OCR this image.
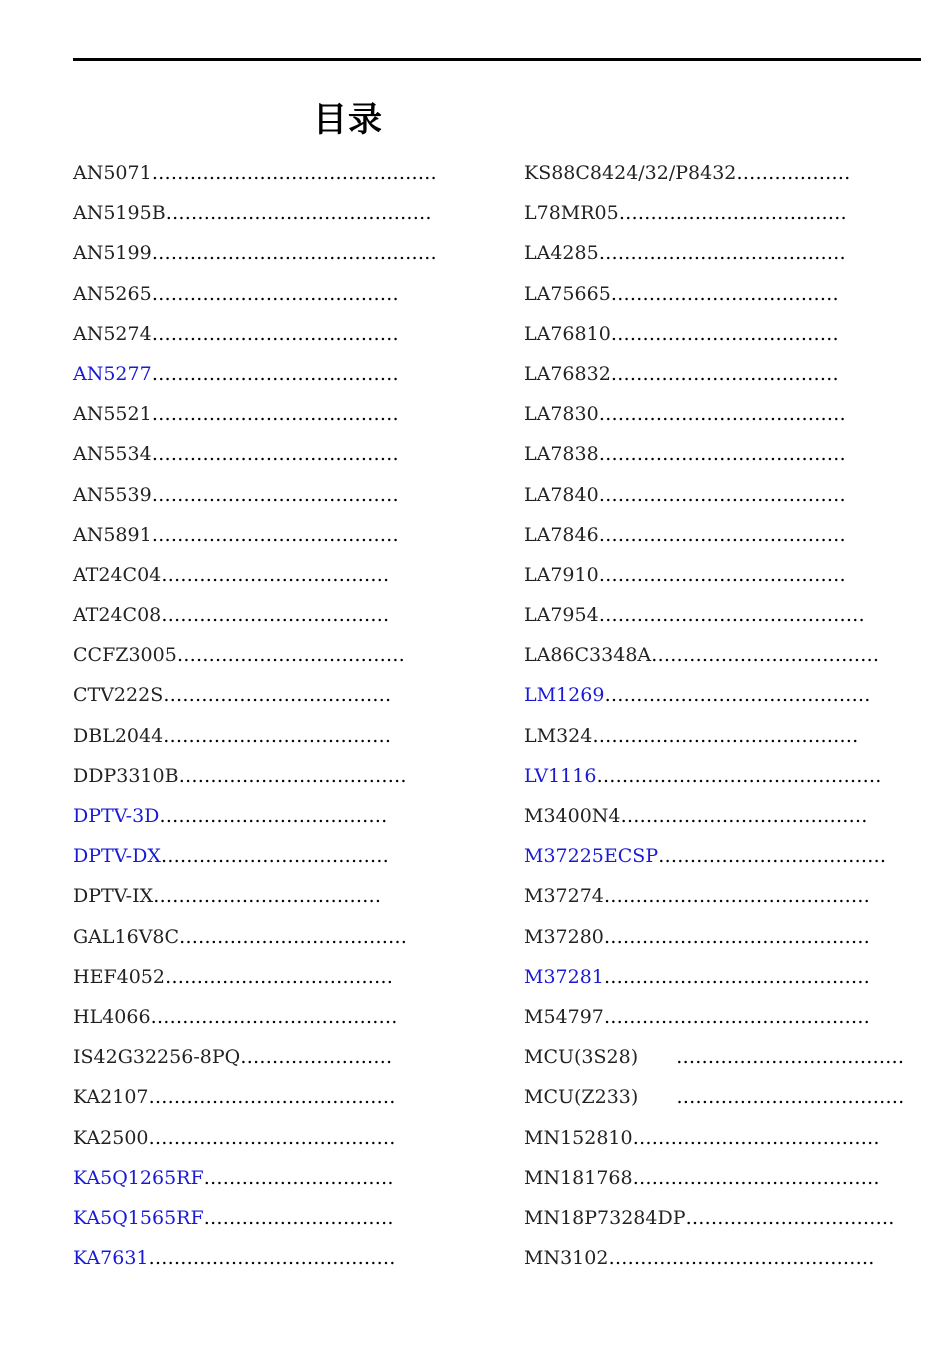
目录
AN5071………………………………………
AN5195B……………………………………
AN5199………………………………………
AN5265…………………………………
AN5274…………………………………
AN5277…………………………………
AN5521…………………………………
AN5534…………………………………
AN5539…………………………………
AN5891…………………………………
AT24C04………………………………
AT24C08………………………………
CCFZ3005………………………………
CTV222S………………………………
DBL2044………………………………
DDP3310B………………………………
DPTV-3D………………………………
DPTV-DX………………………………
DPTV-IX………………………………
GAL16V8C………………………………
HEF4052………………………………
HL4066…………………………………
IS42G32256-8PQ……………………
KA2107…………………………………
KA2500…………………………………
KA5Q1265RF…………………………
KA5Q1565RF…………………………
KA7631…………………………………
KS88C8424/32/P8432………………
L78MR05………………………………
LA4285…………………………………
LA75665………………………………
LA76810………………………………
LA76832………………………………
LA7830…………………………………
LA7838…………………………………
LA7840…………………………………
LA7846…………………………………
LA7910…………………………………
LA7954……………………………………
LA86C3348A………………………………
LM1269……………………………………
LM324……………………………………
LV1116………………………………………
M3400N4…………………………………
M37225ECSP………………………………
M37274……………………………………
M37280……………………………………
M37281……………………………………
M54797……………………………………
MCU(3S28)　　………………………………
MCU(Z233)　　………………………………
MN152810…………………………………
MN181768…………………………………
MN18P73284DP……………………………
MN3102……………………………………
